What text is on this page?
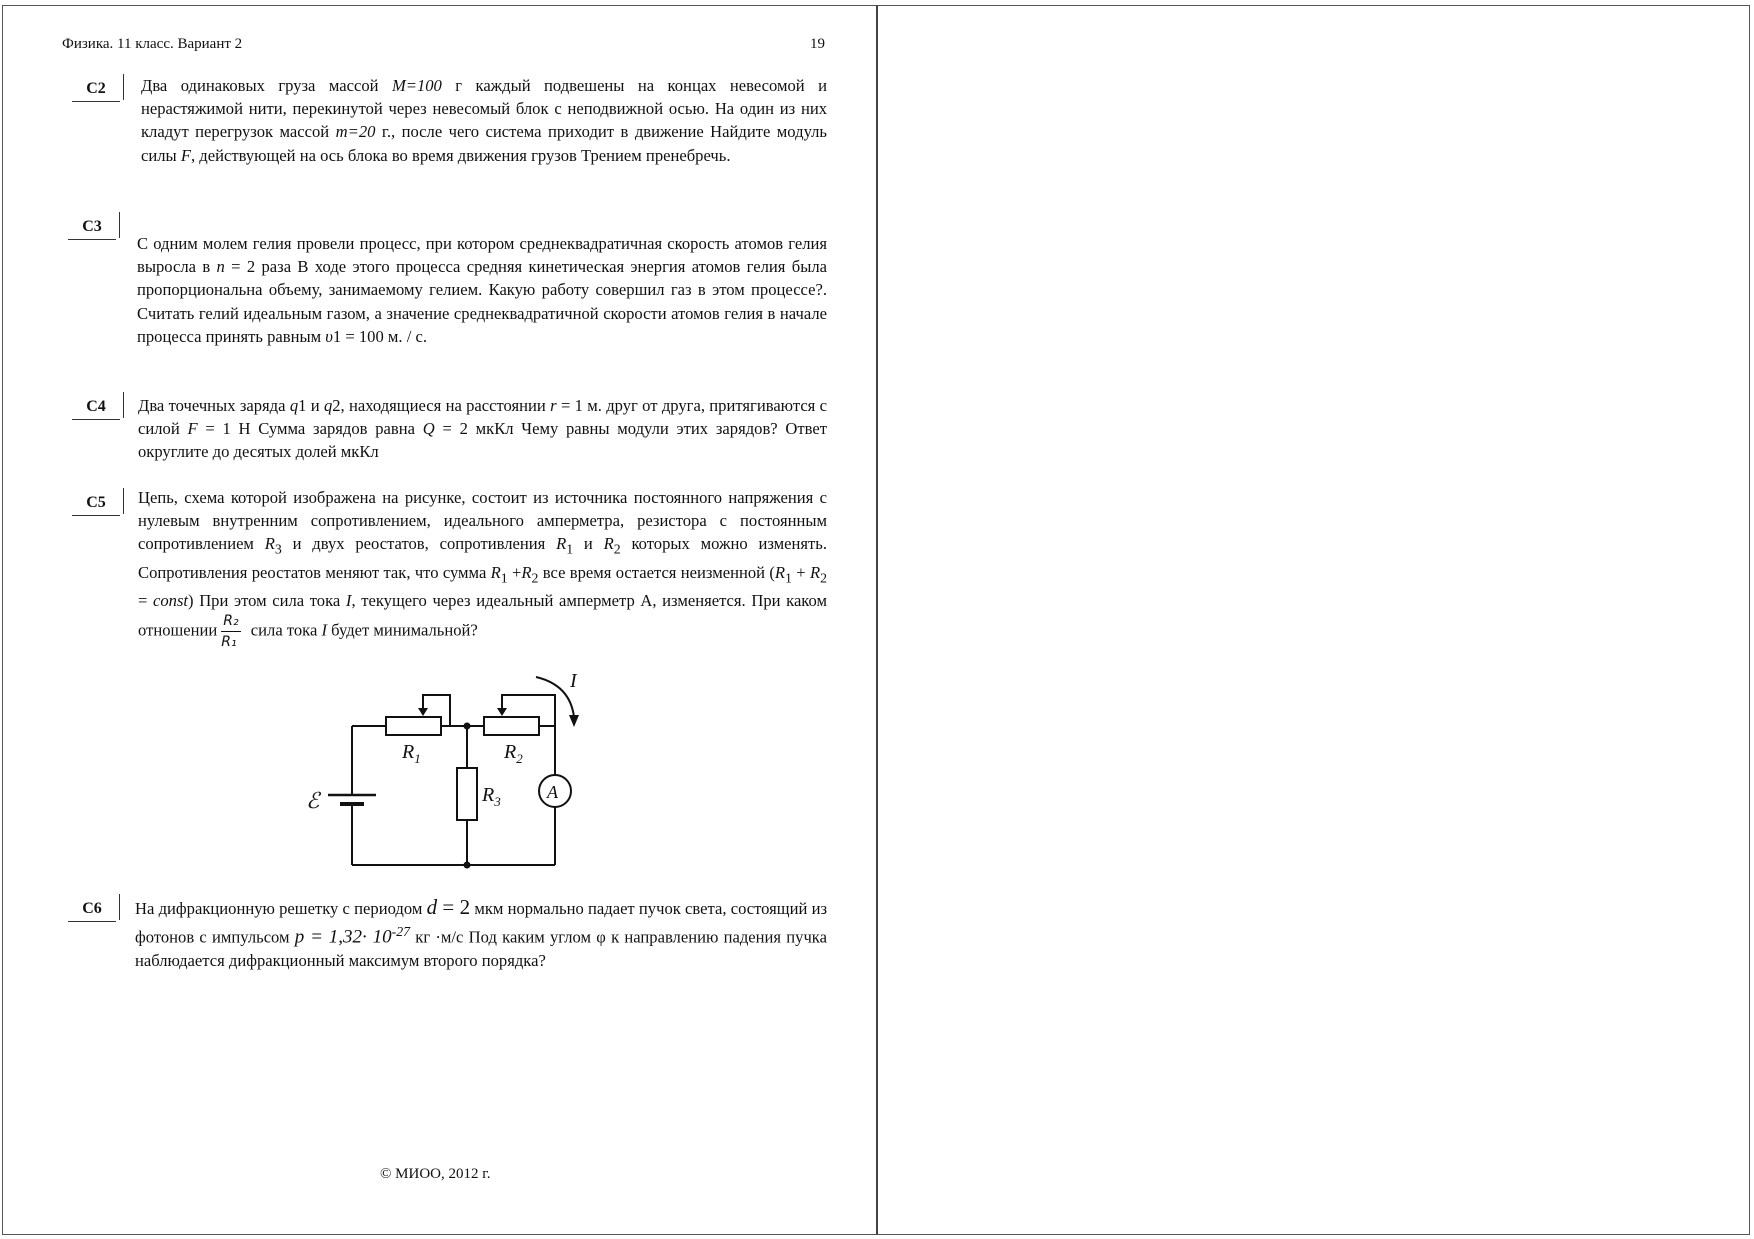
Физика. 11 класс. Вариант 2	19
C2	Два одинаковых груза массой M=100 г каждый подвешены на концах невесомой и нерастяжимой нити, перекинутой через невесомый блок с неподвижной осью. На один из них кладут перегрузок массой m=20 г., после чего система приходит в движение Найдите модуль силы F, действующей на ось блока во время движения грузов Трением пренебречь.
C3
С одним молем гелия провели процесс, при котором среднеквадратичная скорость атомов гелия выросла в n = 2 раза В ходе этого процесса средняя кинетическая энергия атомов гелия была пропорциональна объему, занимаемому гелием. Какую работу совершил газ в этом процессе?. Считать гелий идеальным газом, а значение среднеквадратичной скорости атомов гелия в начале процесса принять равным υ1 = 100 м. / с.
C4	Два точечных заряда q1 и q2, находящиеся на расстоянии r = 1 м. друг от друга, притягиваются с силой F = 1 Н Сумма зарядов равна Q = 2 мкКл Чему равны модули этих зарядов? Ответ округлите до десятых долей мкКл
C5	Цепь, схема которой изображена на рисунке, состоит из источника постоянного напряжения с нулевым внутренним сопротивлением, идеального амперметра, резистора с постоянным сопротивлением $R_3$ и двух реостатов, сопротивления $R_1$ и $R_2$ которых можно изменять. Сопротивления реостатов меняют так, что сумма $R_1 +R_2$ все время остается неизменной ($R_1 + R_2$ = const) При этом сила тока I, текущего через идеальный амперметр А, изменяется. При каком отношении $\frac{\text{R₂}}{\text{R₁}}$ сила тока I будет минимальной?
$R_1$	$R_2$
$R_3$
ℰ
I
A
C6	На дифракционную решетку с периодом d = 2 мкм нормально падает пучок света, состоящий из фотонов с импульсом $p = 1,32\cdot 10^{-27}$ кг ·м/с Под каким углом φ к направлению падения пучка наблюдается дифракционный максимум второго порядка?
© МИОО, 2012 г.
